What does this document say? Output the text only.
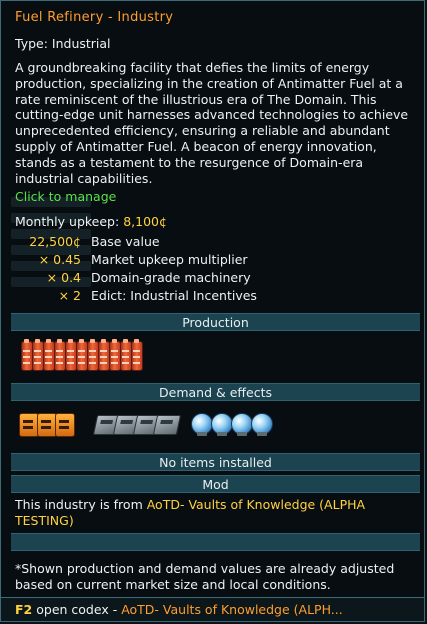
Fuel Refinery - Industry
Type: Industrial
A groundbreaking facility that defies the limits of energy production, specializing in the creation of Antimatter Fuel at a rate reminiscent of the illustrious era of The Domain. This cutting-edge unit harnesses advanced technologies to achieve unprecedented efficiency, ensuring a reliable and abundant supply of Antimatter Fuel. A beacon of energy innovation, stands as a testament to the resurgence of Domain-era industrial capabilities.
Click to manage
Monthly upkeep: 8,100¢
22,500¢ Base value
× 0.45 Market upkeep multiplier
× 0.4 Domain-grade machinery
× 2 Edict: Industrial Incentives
Production
Demand & effects
No items installed
Mod
This industry is from AoTD- Vaults of Knowledge (ALPHA TESTING)
*Shown production and demand values are already adjusted based on current market size and local conditions.
F2 open codex - AoTD- Vaults of Knowledge (ALPH...
